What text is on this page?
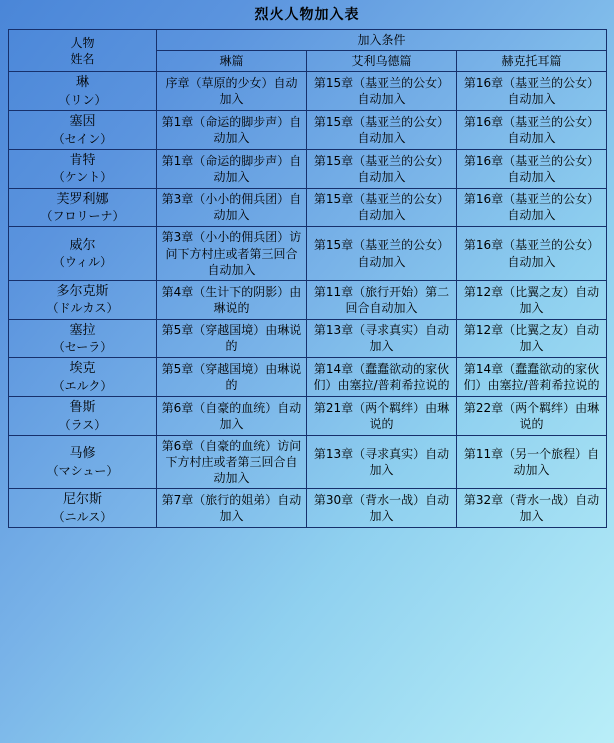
烈火人物加入表
人物
姓名	加入条件		
	琳篇	艾利乌德篇	赫克托耳篇

琳
（リン）	序章（草原的少女）自动加入	第15章（基亚兰的公女）自动加入	第16章（基亚兰的公女）自动加入

塞因
（セイン）	第1章（命运的脚步声）自动加入	第15章（基亚兰的公女）自动加入	第16章（基亚兰的公女）自动加入

肯特
（ケント）	第1章（命运的脚步声）自动加入	第15章（基亚兰的公女）自动加入	第16章（基亚兰的公女）自动加入

芙罗利娜
（フロリーナ）	第3章（小小的佣兵团）自动加入	第15章（基亚兰的公女）自动加入	第16章（基亚兰的公女）自动加入

威尔
（ウィル）	第3章（小小的佣兵团）访问下方村庄或者第三回合自动加入	第15章（基亚兰的公女）自动加入	第16章（基亚兰的公女）自动加入

多尔克斯
（ドルカス）	第4章（生计下的阴影）由琳说的	第11章（旅行开始）第二回合自动加入	第12章（比翼之友）自动加入

塞拉
（セーラ）	第5章（穿越国境）由琳说的	第13章（寻求真实）自动加入	第12章（比翼之友）自动加入

埃克
（エルク）	第5章（穿越国境）由琳说的	第14章（蠢蠢欲动的家伙们）由塞拉/普莉希拉说的	第14章（蠢蠢欲动的家伙们）由塞拉/普莉希拉说的

鲁斯
（ラス）	第6章（自豪的血统）自动加入	第21章（两个羁绊）由琳说的	第22章（两个羁绊）由琳说的

马修
（マシュー）	第6章（自豪的血统）访问下方村庄或者第三回合自动加入	第13章（寻求真实）自动加入	第11章（另一个旅程）自动加入

尼尔斯
（ニルス）	第7章（旅行的姐弟）自动加入	第30章（背水一战）自动加入	第32章（背水一战）自动加入
